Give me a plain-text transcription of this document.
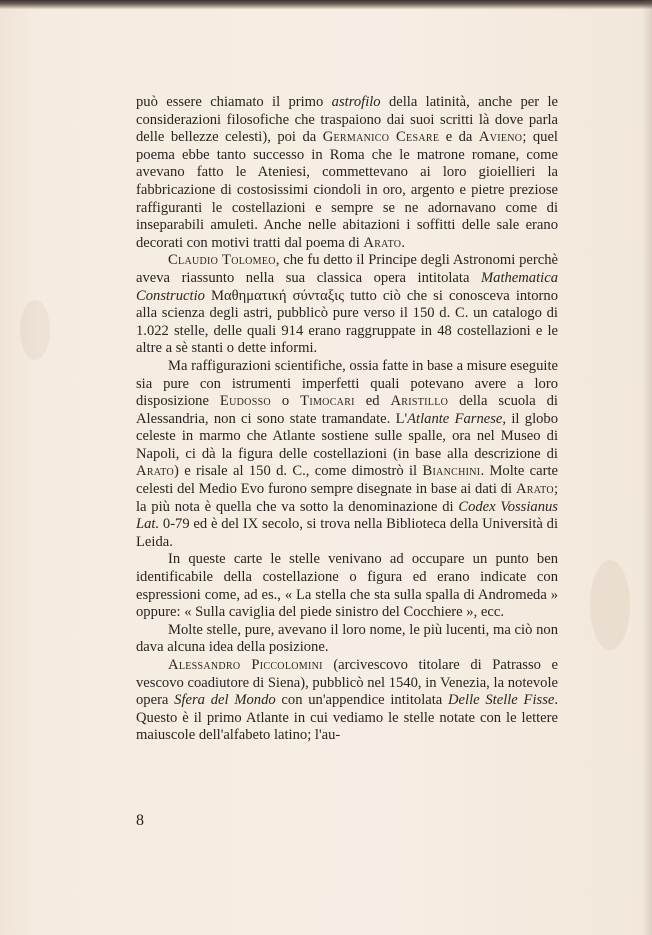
può essere chiamato il primo astrofilo della latinità, anche per le considerazioni filosofiche che traspaiono dai suoi scritti là dove parla delle bellezze celesti), poi da Germanico Cesare e da Avieno; quel poema ebbe tanto successo in Roma che le matrone romane, come avevano fatto le Ateniesi, commettevano ai loro gioiellieri la fabbricazione di costosissimi ciondoli in oro, argento e pietre preziose raffiguranti le costellazioni e sempre se ne adornavano come di inseparabili amuleti. Anche nelle abitazioni i soffitti delle sale erano decorati con motivi tratti dal poema di Arato.

Claudio Tolomeo, che fu detto il Principe degli Astronomi perchè aveva riassunto nella sua classica opera intitolata Mathematica Constructio Μαθηματική σύνταξις tutto ciò che si conosceva intorno alla scienza degli astri, pubblicò pure verso il 150 d. C. un catalogo di 1.022 stelle, delle quali 914 erano raggruppate in 48 costellazioni e le altre a sè stanti o dette informi.

Ma raffigurazioni scientifiche, ossia fatte in base a misure eseguite sia pure con istrumenti imperfetti quali potevano avere a loro disposizione Eudosso o Timocari ed Aristillo della scuola di Alessandria, non ci sono state tramandate. L'Atlante Farnese, il globo celeste in marmo che Atlante sostiene sulle spalle, ora nel Museo di Napoli, ci dà la figura delle costellazioni (in base alla descrizione di Arato) e risale al 150 d. C., come dimostrò il Bianchini. Molte carte celesti del Medio Evo furono sempre disegnate in base ai dati di Arato; la più nota è quella che va sotto la denominazione di Codex Vossianus Lat. 0-79 ed è del IX secolo, si trova nella Biblioteca della Università di Leida.

In queste carte le stelle venivano ad occupare un punto ben identificabile della costellazione o figura ed erano indicate con espressioni come, ad es., « La stella che sta sulla spalla di Andromeda » oppure: « Sulla caviglia del piede sinistro del Cocchiere », ecc.

Molte stelle, pure, avevano il loro nome, le più lucenti, ma ciò non dava alcuna idea della posizione.

Alessandro Piccolomini (arcivescovo titolare di Patrasso e vescovo coadiutore di Siena), pubblicò nel 1540, in Venezia, la notevole opera Sfera del Mondo con un'appendice intitolata Delle Stelle Fisse. Questo è il primo Atlante in cui vediamo le stelle notate con le lettere maiuscole dell'alfabeto latino; l'au-

8
